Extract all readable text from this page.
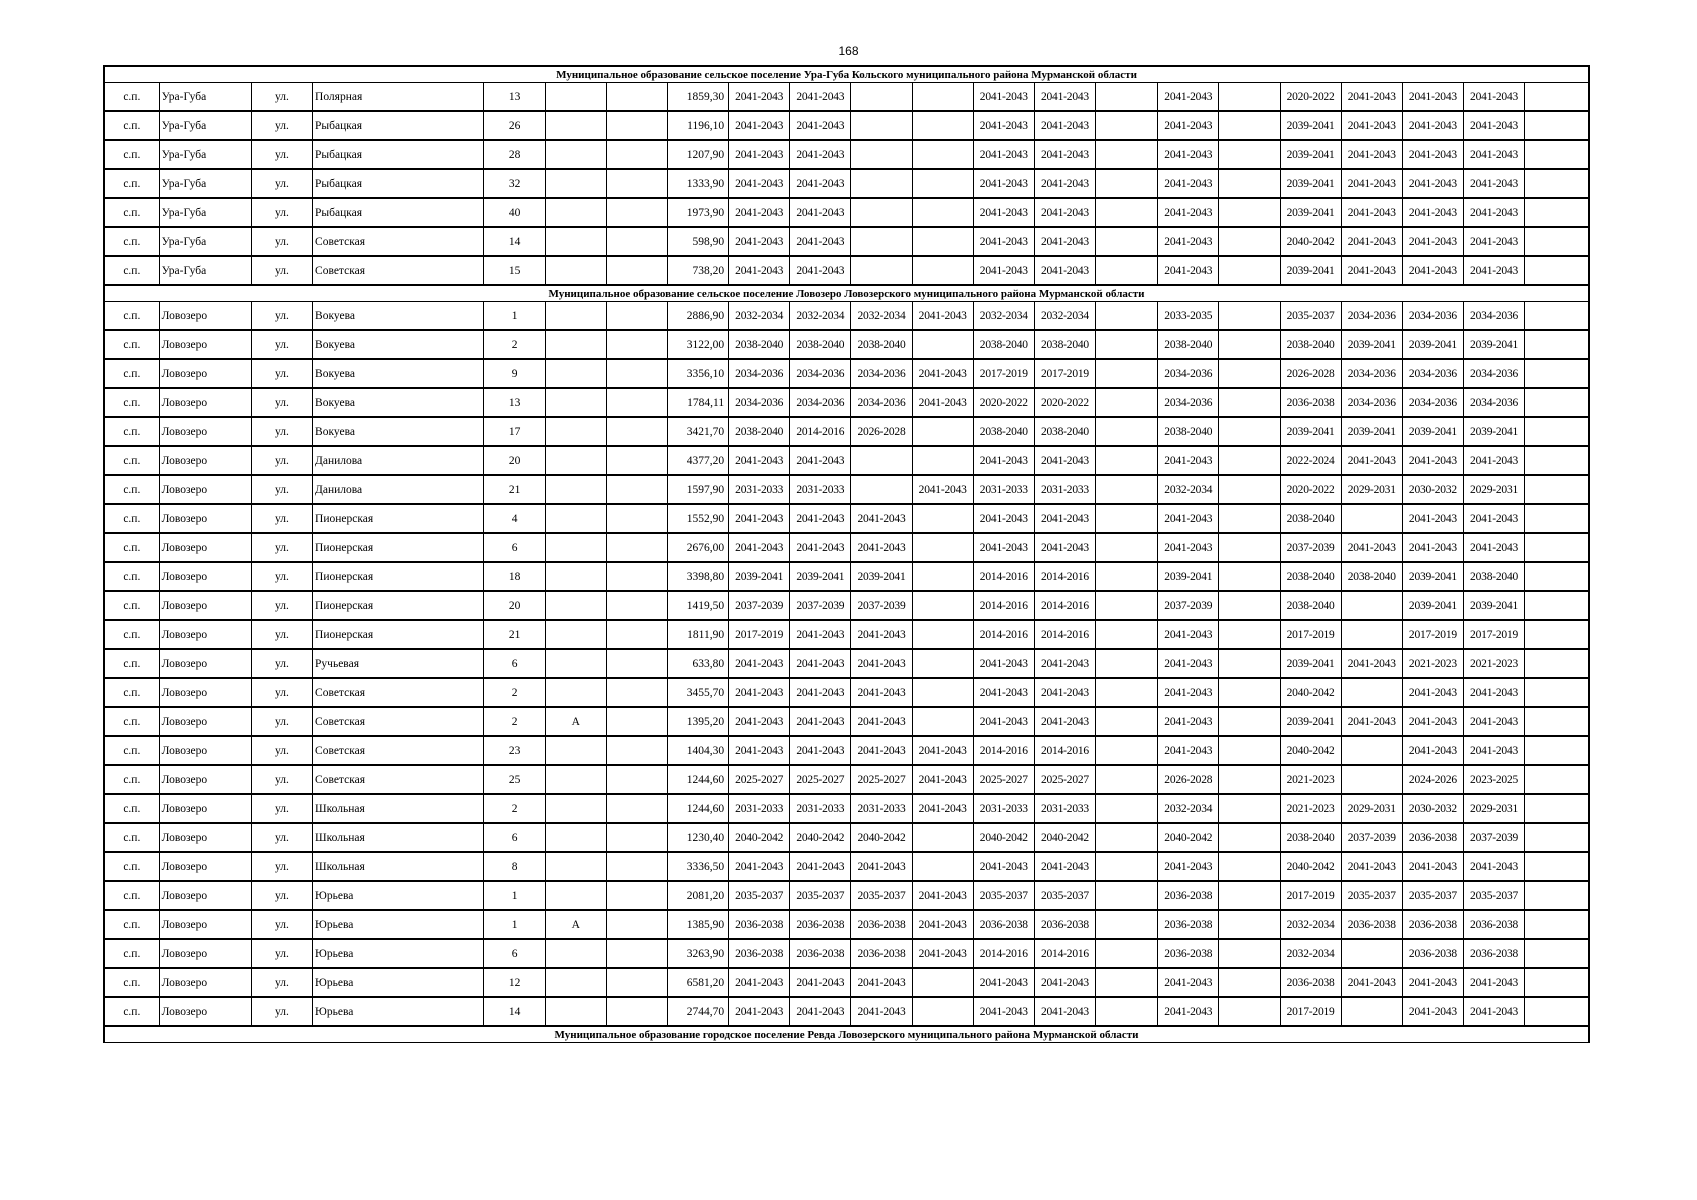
168
Муниципальное образование сельское поселение Ура-Губа Кольского муниципального района Мурманской области																					
с.п.	Ура-Губа	ул.	Полярная	13			1859,30	2041-2043	2041-2043			2041-2043	2041-2043		2041-2043		2020-2022	2041-2043	2041-2043	2041-2043	
с.п.	Ура-Губа	ул.	Рыбацкая	26			1196,10	2041-2043	2041-2043			2041-2043	2041-2043		2041-2043		2039-2041	2041-2043	2041-2043	2041-2043	
с.п.	Ура-Губа	ул.	Рыбацкая	28			1207,90	2041-2043	2041-2043			2041-2043	2041-2043		2041-2043		2039-2041	2041-2043	2041-2043	2041-2043	
с.п.	Ура-Губа	ул.	Рыбацкая	32			1333,90	2041-2043	2041-2043			2041-2043	2041-2043		2041-2043		2039-2041	2041-2043	2041-2043	2041-2043	
с.п.	Ура-Губа	ул.	Рыбацкая	40			1973,90	2041-2043	2041-2043			2041-2043	2041-2043		2041-2043		2039-2041	2041-2043	2041-2043	2041-2043	
с.п.	Ура-Губа	ул.	Советская	14			598,90	2041-2043	2041-2043			2041-2043	2041-2043		2041-2043		2040-2042	2041-2043	2041-2043	2041-2043	
с.п.	Ура-Губа	ул.	Советская	15			738,20	2041-2043	2041-2043			2041-2043	2041-2043		2041-2043		2039-2041	2041-2043	2041-2043	2041-2043	
Муниципальное образование сельское поселение Ловозеро Ловозерского муниципального района Мурманской области																					
с.п.	Ловозеро	ул.	Вокуева	1			2886,90	2032-2034	2032-2034	2032-2034	2041-2043	2032-2034	2032-2034		2033-2035		2035-2037	2034-2036	2034-2036	2034-2036	
с.п.	Ловозеро	ул.	Вокуева	2			3122,00	2038-2040	2038-2040	2038-2040		2038-2040	2038-2040		2038-2040		2038-2040	2039-2041	2039-2041	2039-2041	
с.п.	Ловозеро	ул.	Вокуева	9			3356,10	2034-2036	2034-2036	2034-2036	2041-2043	2017-2019	2017-2019		2034-2036		2026-2028	2034-2036	2034-2036	2034-2036	
с.п.	Ловозеро	ул.	Вокуева	13			1784,11	2034-2036	2034-2036	2034-2036	2041-2043	2020-2022	2020-2022		2034-2036		2036-2038	2034-2036	2034-2036	2034-2036	
с.п.	Ловозеро	ул.	Вокуева	17			3421,70	2038-2040	2014-2016	2026-2028		2038-2040	2038-2040		2038-2040		2039-2041	2039-2041	2039-2041	2039-2041	
с.п.	Ловозеро	ул.	Данилова	20			4377,20	2041-2043	2041-2043			2041-2043	2041-2043		2041-2043		2022-2024	2041-2043	2041-2043	2041-2043	
с.п.	Ловозеро	ул.	Данилова	21			1597,90	2031-2033	2031-2033		2041-2043	2031-2033	2031-2033		2032-2034		2020-2022	2029-2031	2030-2032	2029-2031	
с.п.	Ловозеро	ул.	Пионерская	4			1552,90	2041-2043	2041-2043	2041-2043		2041-2043	2041-2043		2041-2043		2038-2040		2041-2043	2041-2043	
с.п.	Ловозеро	ул.	Пионерская	6			2676,00	2041-2043	2041-2043	2041-2043		2041-2043	2041-2043		2041-2043		2037-2039	2041-2043	2041-2043	2041-2043	
с.п.	Ловозеро	ул.	Пионерская	18			3398,80	2039-2041	2039-2041	2039-2041		2014-2016	2014-2016		2039-2041		2038-2040	2038-2040	2039-2041	2038-2040	
с.п.	Ловозеро	ул.	Пионерская	20			1419,50	2037-2039	2037-2039	2037-2039		2014-2016	2014-2016		2037-2039		2038-2040		2039-2041	2039-2041	
с.п.	Ловозеро	ул.	Пионерская	21			1811,90	2017-2019	2041-2043	2041-2043		2014-2016	2014-2016		2041-2043		2017-2019		2017-2019	2017-2019	
с.п.	Ловозеро	ул.	Ручьевая	6			633,80	2041-2043	2041-2043	2041-2043		2041-2043	2041-2043		2041-2043		2039-2041	2041-2043	2021-2023	2021-2023	
с.п.	Ловозеро	ул.	Советская	2			3455,70	2041-2043	2041-2043	2041-2043		2041-2043	2041-2043		2041-2043		2040-2042		2041-2043	2041-2043	
с.п.	Ловозеро	ул.	Советская	2	А		1395,20	2041-2043	2041-2043	2041-2043		2041-2043	2041-2043		2041-2043		2039-2041	2041-2043	2041-2043	2041-2043	
с.п.	Ловозеро	ул.	Советская	23			1404,30	2041-2043	2041-2043	2041-2043	2041-2043	2014-2016	2014-2016		2041-2043		2040-2042		2041-2043	2041-2043	
с.п.	Ловозеро	ул.	Советская	25			1244,60	2025-2027	2025-2027	2025-2027	2041-2043	2025-2027	2025-2027		2026-2028		2021-2023		2024-2026	2023-2025	
с.п.	Ловозеро	ул.	Школьная	2			1244,60	2031-2033	2031-2033	2031-2033	2041-2043	2031-2033	2031-2033		2032-2034		2021-2023	2029-2031	2030-2032	2029-2031	
с.п.	Ловозеро	ул.	Школьная	6			1230,40	2040-2042	2040-2042	2040-2042		2040-2042	2040-2042		2040-2042		2038-2040	2037-2039	2036-2038	2037-2039	
с.п.	Ловозеро	ул.	Школьная	8			3336,50	2041-2043	2041-2043	2041-2043		2041-2043	2041-2043		2041-2043		2040-2042	2041-2043	2041-2043	2041-2043	
с.п.	Ловозеро	ул.	Юрьева	1			2081,20	2035-2037	2035-2037	2035-2037	2041-2043	2035-2037	2035-2037		2036-2038		2017-2019	2035-2037	2035-2037	2035-2037	
с.п.	Ловозеро	ул.	Юрьева	1	А		1385,90	2036-2038	2036-2038	2036-2038	2041-2043	2036-2038	2036-2038		2036-2038		2032-2034	2036-2038	2036-2038	2036-2038	
с.п.	Ловозеро	ул.	Юрьева	6			3263,90	2036-2038	2036-2038	2036-2038	2041-2043	2014-2016	2014-2016		2036-2038		2032-2034		2036-2038	2036-2038	
с.п.	Ловозеро	ул.	Юрьева	12			6581,20	2041-2043	2041-2043	2041-2043		2041-2043	2041-2043		2041-2043		2036-2038	2041-2043	2041-2043	2041-2043	
с.п.	Ловозеро	ул.	Юрьева	14			2744,70	2041-2043	2041-2043	2041-2043		2041-2043	2041-2043		2041-2043		2017-2019		2041-2043	2041-2043	
Муниципальное образование городское поселение Ревда Ловозерского муниципального района Мурманской области																					
